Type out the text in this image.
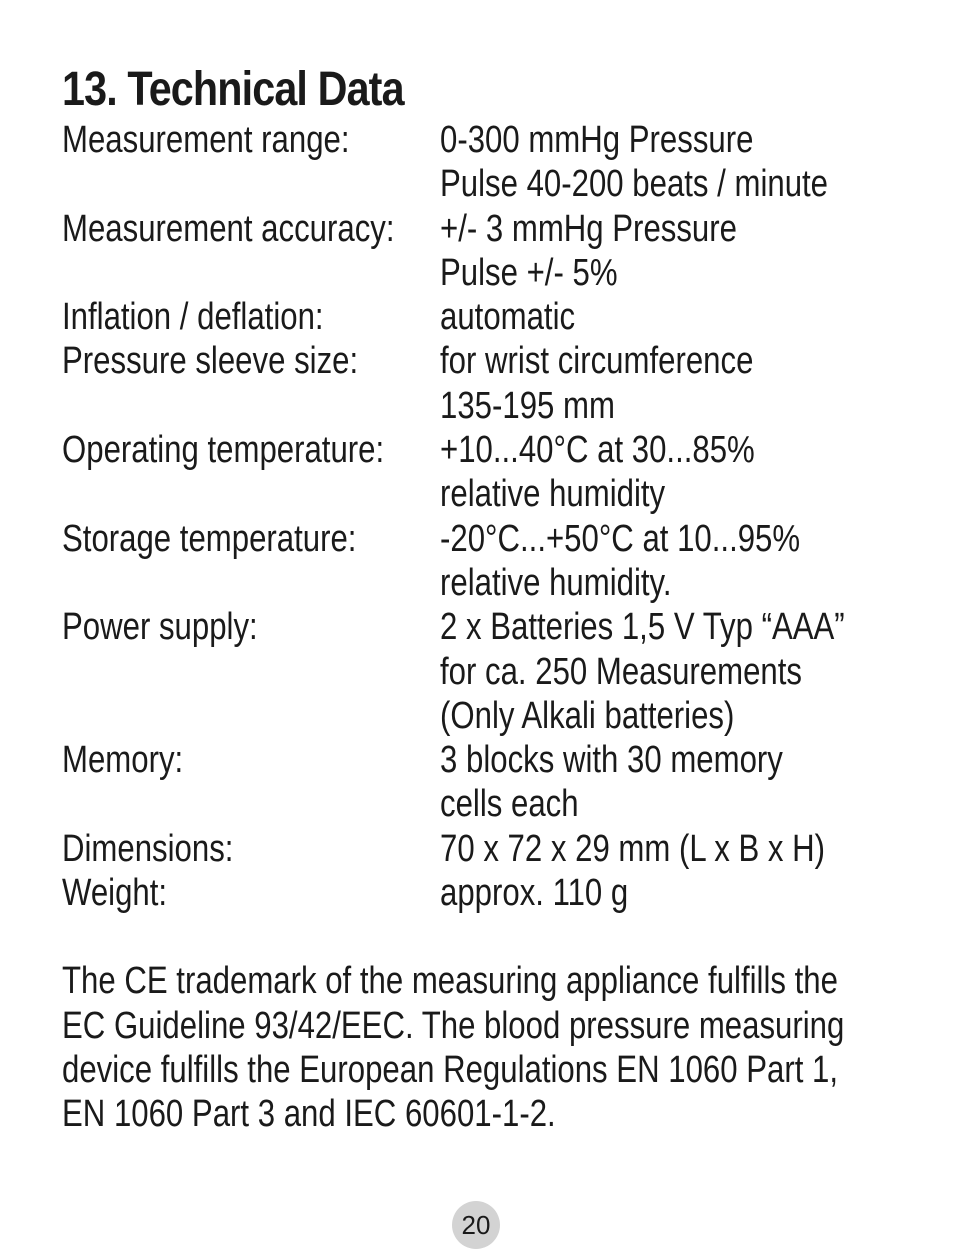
13. Technical Data
Measurement range:	0-300 mmHg Pressure
Pulse 40-200 beats / minute
Measurement accuracy: +/- 3 mmHg Pressure
Pulse +/- 5%
Inflation / deflation:	automatic
Pressure sleeve size:	for wrist circumference
135-195 mm
Operating temperature: +10...40°C at 30...85%
relative humidity
Storage temperature:	-20°C...+50°C at 10...95%
relative humidity.
Power supply:	2 x Batteries 1,5 V Typ “AAA”
for ca. 250 Measurements
(Only Alkali batteries)
Memory:	3 blocks with 30 memory
cells each
Dimensions:	70 x 72 x 29 mm (L x B x H)
Weight:	approx. 110 g
The CE trademark of the measuring appliance fulfills the
EC Guideline 93/42/EEC. The blood pressure measuring
device fulfills the European Regulations EN 1060 Part 1,
EN 1060 Part 3 and IEC 60601-1-2.
20
